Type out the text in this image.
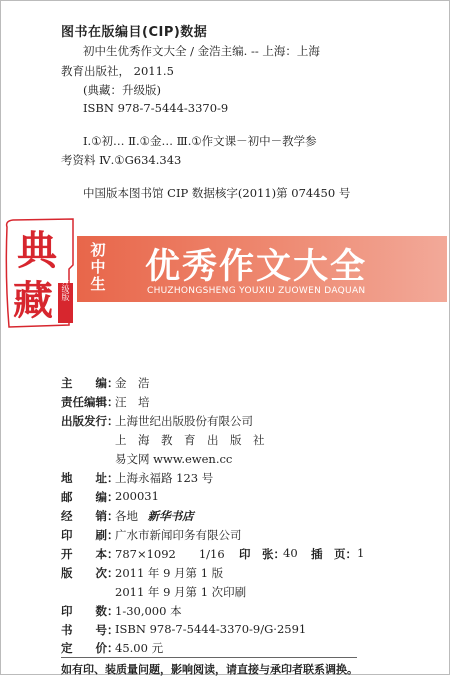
图书在版编目(CIP)数据
初中生优秀作文大全 / 金浩主编. -- 上海：上海
教育出版社， 2011.5
(典藏：升级版)
ISBN 978-7-5444-3370-9
Ⅰ.①初… Ⅱ.①金… Ⅲ.①作文课－初中－教学参
考资料 Ⅳ.①G634.343
中国版本图书馆 CIP 数据核字(2011)第 074450 号
典
藏 升级版
初中生 优秀作文大全
CHUZHONGSHENG YOUXIU ZUOWEN DAQUAN
主　　编：
金　浩
责任编辑：
汪　培
出版发行：
上海世纪出版股份有限公司
上　海　教　育　出　版　社
易文网 www.ewen.cc
地　　址：
上海永福路 123 号
邮　　编：
200031
经　　销：
各地 新华书店
印　　刷：
广水市新闻印务有限公司
开　　本：
787×1092　　1/16 印　张：
40 插　页： 1
版　　次：
2011 年 9 月第 1 版
2011 年 9 月第 1 次印刷
印　　数：
1-30,000 本
书　　号：
ISBN 978-7-5444-3370-9/G·2591
定　　价：
45.00 元
如有印、装质量问题，影响阅读，请直接与承印者联系调换。
